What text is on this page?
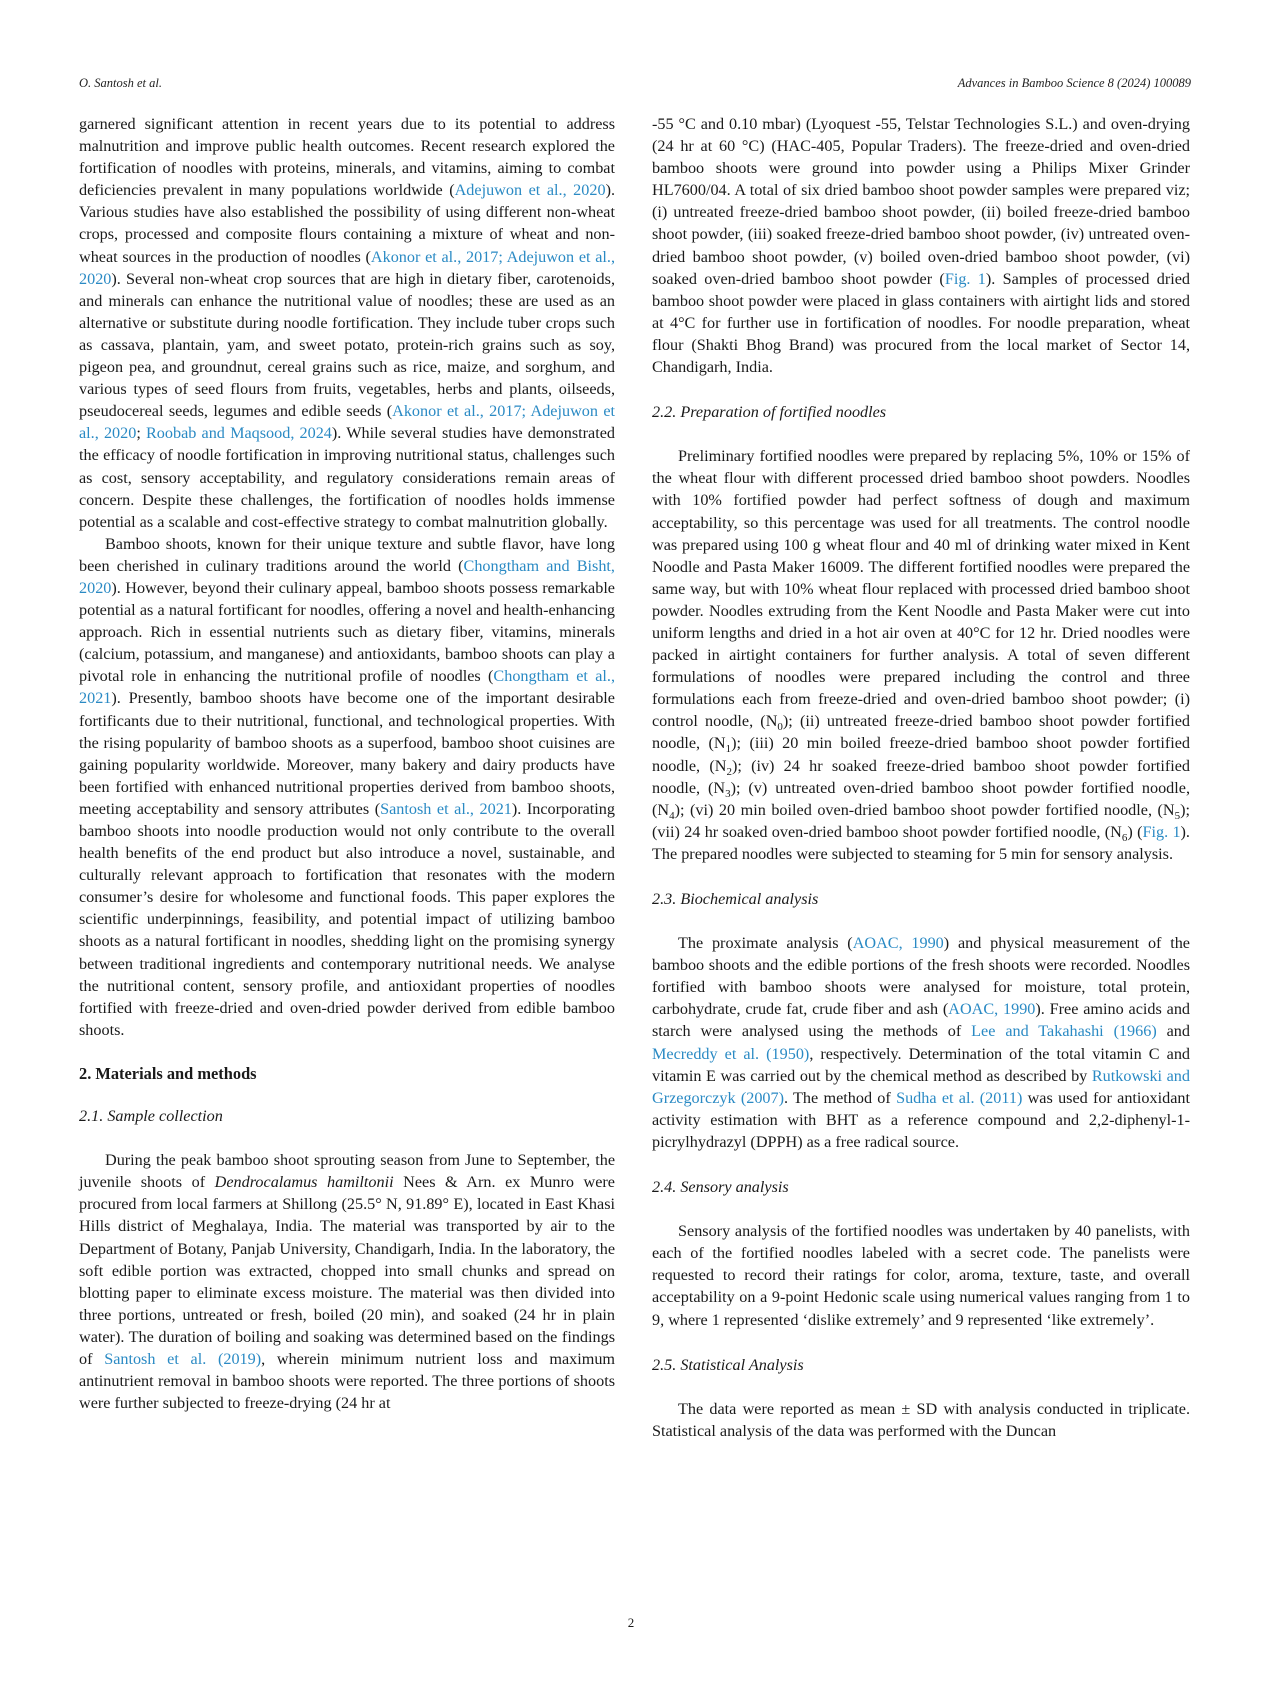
O. Santosh et al.	Advances in Bamboo Science 8 (2024) 100089

garnered significant attention in recent years due to its potential to address malnutrition and improve public health outcomes. Recent research explored the fortification of noodles with proteins, minerals, and vitamins, aiming to combat deficiencies prevalent in many populations worldwide (Adejuwon et al., 2020). Various studies have also established the possibility of using different non-wheat crops, processed and composite flours containing a mixture of wheat and non-wheat sources in the production of noodles (Akonor et al., 2017; Adejuwon et al., 2020). Several non-wheat crop sources that are high in dietary fiber, carotenoids, and minerals can enhance the nutritional value of noodles; these are used as an alternative or substitute during noodle fortification. They include tuber crops such as cassava, plantain, yam, and sweet potato, protein-rich grains such as soy, pigeon pea, and groundnut, cereal grains such as rice, maize, and sorghum, and various types of seed flours from fruits, vegetables, herbs and plants, oilseeds, pseudocereal seeds, legumes and edible seeds (Akonor et al., 2017; Adejuwon et al., 2020; Roobab and Maqsood, 2024). While several studies have demonstrated the efficacy of noodle fortification in improving nutritional status, challenges such as cost, sensory acceptability, and regulatory considerations remain areas of concern. Despite these challenges, the fortification of noodles holds immense potential as a scalable and cost-effective strategy to combat malnutrition globally.

Bamboo shoots, known for their unique texture and subtle flavor, have long been cherished in culinary traditions around the world (Chongtham and Bisht, 2020). However, beyond their culinary appeal, bamboo shoots possess remarkable potential as a natural fortificant for noodles, offering a novel and health-enhancing approach. Rich in essential nutrients such as dietary fiber, vitamins, minerals (calcium, potassium, and manganese) and antioxidants, bamboo shoots can play a pivotal role in enhancing the nutritional profile of noodles (Chongtham et al., 2021). Presently, bamboo shoots have become one of the important desirable fortificants due to their nutritional, functional, and technological properties. With the rising popularity of bamboo shoots as a superfood, bamboo shoot cuisines are gaining popularity worldwide. Moreover, many bakery and dairy products have been fortified with enhanced nutritional properties derived from bamboo shoots, meeting acceptability and sensory attributes (Santosh et al., 2021). Incorporating bamboo shoots into noodle production would not only contribute to the overall health benefits of the end product but also introduce a novel, sustainable, and culturally relevant approach to fortification that resonates with the modern consumer’s desire for wholesome and functional foods. This paper explores the scientific underpinnings, feasibility, and potential impact of utilizing bamboo shoots as a natural fortificant in noodles, shedding light on the promising synergy between traditional ingredients and contemporary nutritional needs. We analyse the nutritional content, sensory profile, and antioxidant properties of noodles fortified with freeze-dried and oven-dried powder derived from edible bamboo shoots.

2. Materials and methods
2.1. Sample collection

During the peak bamboo shoot sprouting season from June to September, the juvenile shoots of Dendrocalamus hamiltonii Nees & Arn. ex Munro were procured from local farmers at Shillong (25.5° N, 91.89° E), located in East Khasi Hills district of Meghalaya, India. The material was transported by air to the Department of Botany, Panjab University, Chandigarh, India. In the laboratory, the soft edible portion was extracted, chopped into small chunks and spread on blotting paper to eliminate excess moisture. The material was then divided into three portions, untreated or fresh, boiled (20 min), and soaked (24 hr in plain water). The duration of boiling and soaking was determined based on the findings of Santosh et al. (2019), wherein minimum nutrient loss and maximum antinutrient removal in bamboo shoots were reported. The three portions of shoots were further subjected to freeze-drying (24 hr at

-55 °C and 0.10 mbar) (Lyoquest -55, Telstar Technologies S.L.) and oven-drying (24 hr at 60 °C) (HAC-405, Popular Traders). The freeze-dried and oven-dried bamboo shoots were ground into powder using a Philips Mixer Grinder HL7600/04. A total of six dried bamboo shoot powder samples were prepared viz; (i) untreated freeze-dried bamboo shoot powder, (ii) boiled freeze-dried bamboo shoot powder, (iii) soaked freeze-dried bamboo shoot powder, (iv) untreated oven-dried bamboo shoot powder, (v) boiled oven-dried bamboo shoot powder, (vi) soaked oven-dried bamboo shoot powder (Fig. 1). Samples of processed dried bamboo shoot powder were placed in glass containers with airtight lids and stored at 4°C for further use in fortification of noodles. For noodle preparation, wheat flour (Shakti Bhog Brand) was procured from the local market of Sector 14, Chandigarh, India.

2.2. Preparation of fortified noodles

Preliminary fortified noodles were prepared by replacing 5%, 10% or 15% of the wheat flour with different processed dried bamboo shoot powders. Noodles with 10% fortified powder had perfect softness of dough and maximum acceptability, so this percentage was used for all treatments. The control noodle was prepared using 100 g wheat flour and 40 ml of drinking water mixed in Kent Noodle and Pasta Maker 16009. The different fortified noodles were prepared the same way, but with 10% wheat flour replaced with processed dried bamboo shoot powder. Noodles extruding from the Kent Noodle and Pasta Maker were cut into uniform lengths and dried in a hot air oven at 40°C for 12 hr. Dried noodles were packed in airtight containers for further analysis. A total of seven different formulations of noodles were prepared including the control and three formulations each from freeze-dried and oven-dried bamboo shoot powder; (i) control noodle, $(N_0)$; (ii) untreated freeze-dried bamboo shoot powder fortified noodle, $(N_1)$; (iii) 20 min boiled freeze-dried bamboo shoot powder fortified noodle, $(N_2)$; (iv) 24 hr soaked freeze-dried bamboo shoot powder fortified noodle, $(N_3)$; (v) untreated oven-dried bamboo shoot powder fortified noodle, $(N_4)$; (vi) 20 min boiled oven-dried bamboo shoot powder fortified noodle, $(N_5)$; (vii) 24 hr soaked oven-dried bamboo shoot powder fortified noodle, $(N_6)$ (Fig. 1). The prepared noodles were subjected to steaming for 5 min for sensory analysis.

2.3. Biochemical analysis

The proximate analysis (AOAC, 1990) and physical measurement of the bamboo shoots and the edible portions of the fresh shoots were recorded. Noodles fortified with bamboo shoots were analysed for moisture, total protein, carbohydrate, crude fat, crude fiber and ash (AOAC, 1990). Free amino acids and starch were analysed using the methods of Lee and Takahashi (1966) and Mecreddy et al. (1950), respectively. Determination of the total vitamin C and vitamin E was carried out by the chemical method as described by Rutkowski and Grzegorczyk (2007). The method of Sudha et al. (2011) was used for antioxidant activity estimation with BHT as a reference compound and 2,2-diphenyl-1-picrylhydrazyl (DPPH) as a free radical source.

2.4. Sensory analysis

Sensory analysis of the fortified noodles was undertaken by 40 panelists, with each of the fortified noodles labeled with a secret code. The panelists were requested to record their ratings for color, aroma, texture, taste, and overall acceptability on a 9-point Hedonic scale using numerical values ranging from 1 to 9, where 1 represented ‘dislike extremely’ and 9 represented ‘like extremely’.

2.5. Statistical Analysis

The data were reported as mean ± SD with analysis conducted in triplicate. Statistical analysis of the data was performed with the Duncan

2
